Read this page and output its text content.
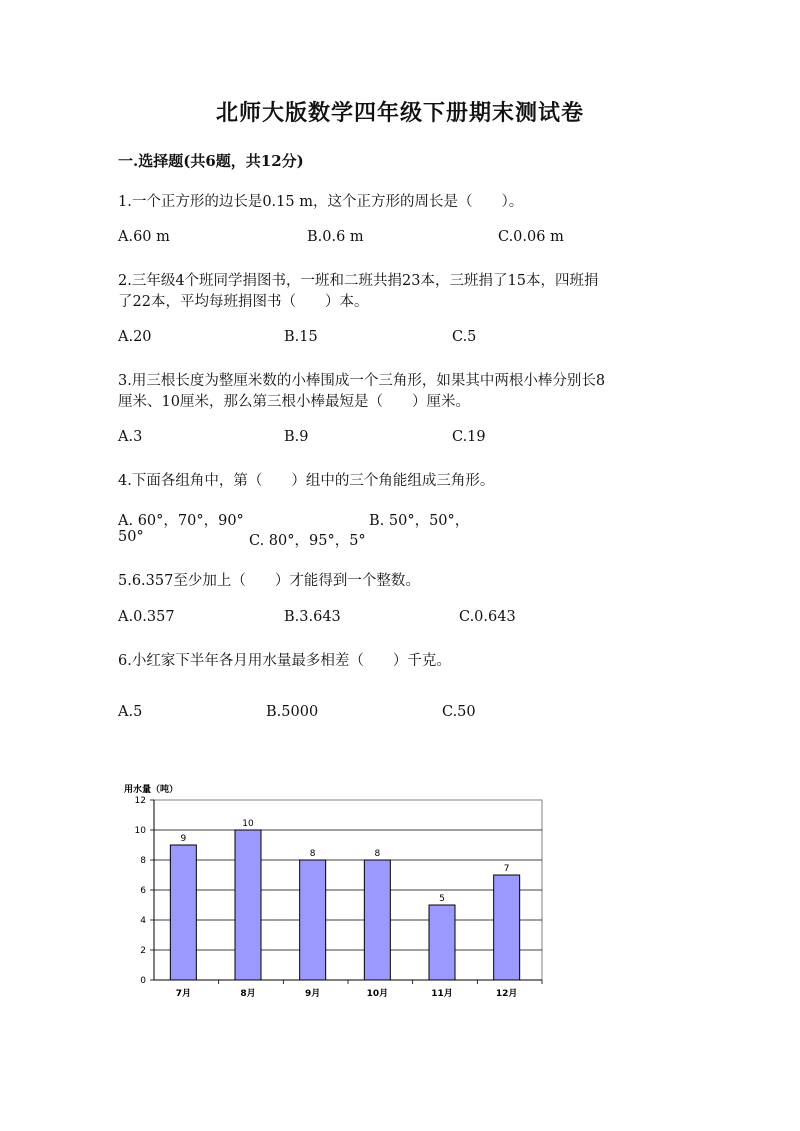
北师大版数学四年级下册期末测试卷
一.选择题(共6题，共12分)
1.一个正方形的边长是0.15 m，这个正方形的周长是（　　）。
A.60 m	B.0.6 m	C.0.06 m
2.三年级4个班同学捐图书，一班和二班共捐23本，三班捐了15本，四班捐
了22本，平均每班捐图书（　　）本。
A.20	B.15	C.5
3.用三根长度为整厘米数的小棒围成一个三角形，如果其中两根小棒分别长8
厘米、10厘米，那么第三根小棒最短是（　　）厘米。
A.3	B.9	C.19
4.下面各组角中，第（　　）组中的三个角能组成三角形。
A. 60°，70°，90°	B. 50°，50°，
50°	C. 80°，95°，5°
5.6.357至少加上（　　）才能得到一个整数。
A.0.357	B.3.643	C.0.643
6.小红家下半年各月用水量最多相差（　　）千克。
A.5	B.5000	C.50
用水量（吨）
0
2
4
6
8
10
12
9
7月
10
8月
8
9月
8
10月
5
11月
7
12月
